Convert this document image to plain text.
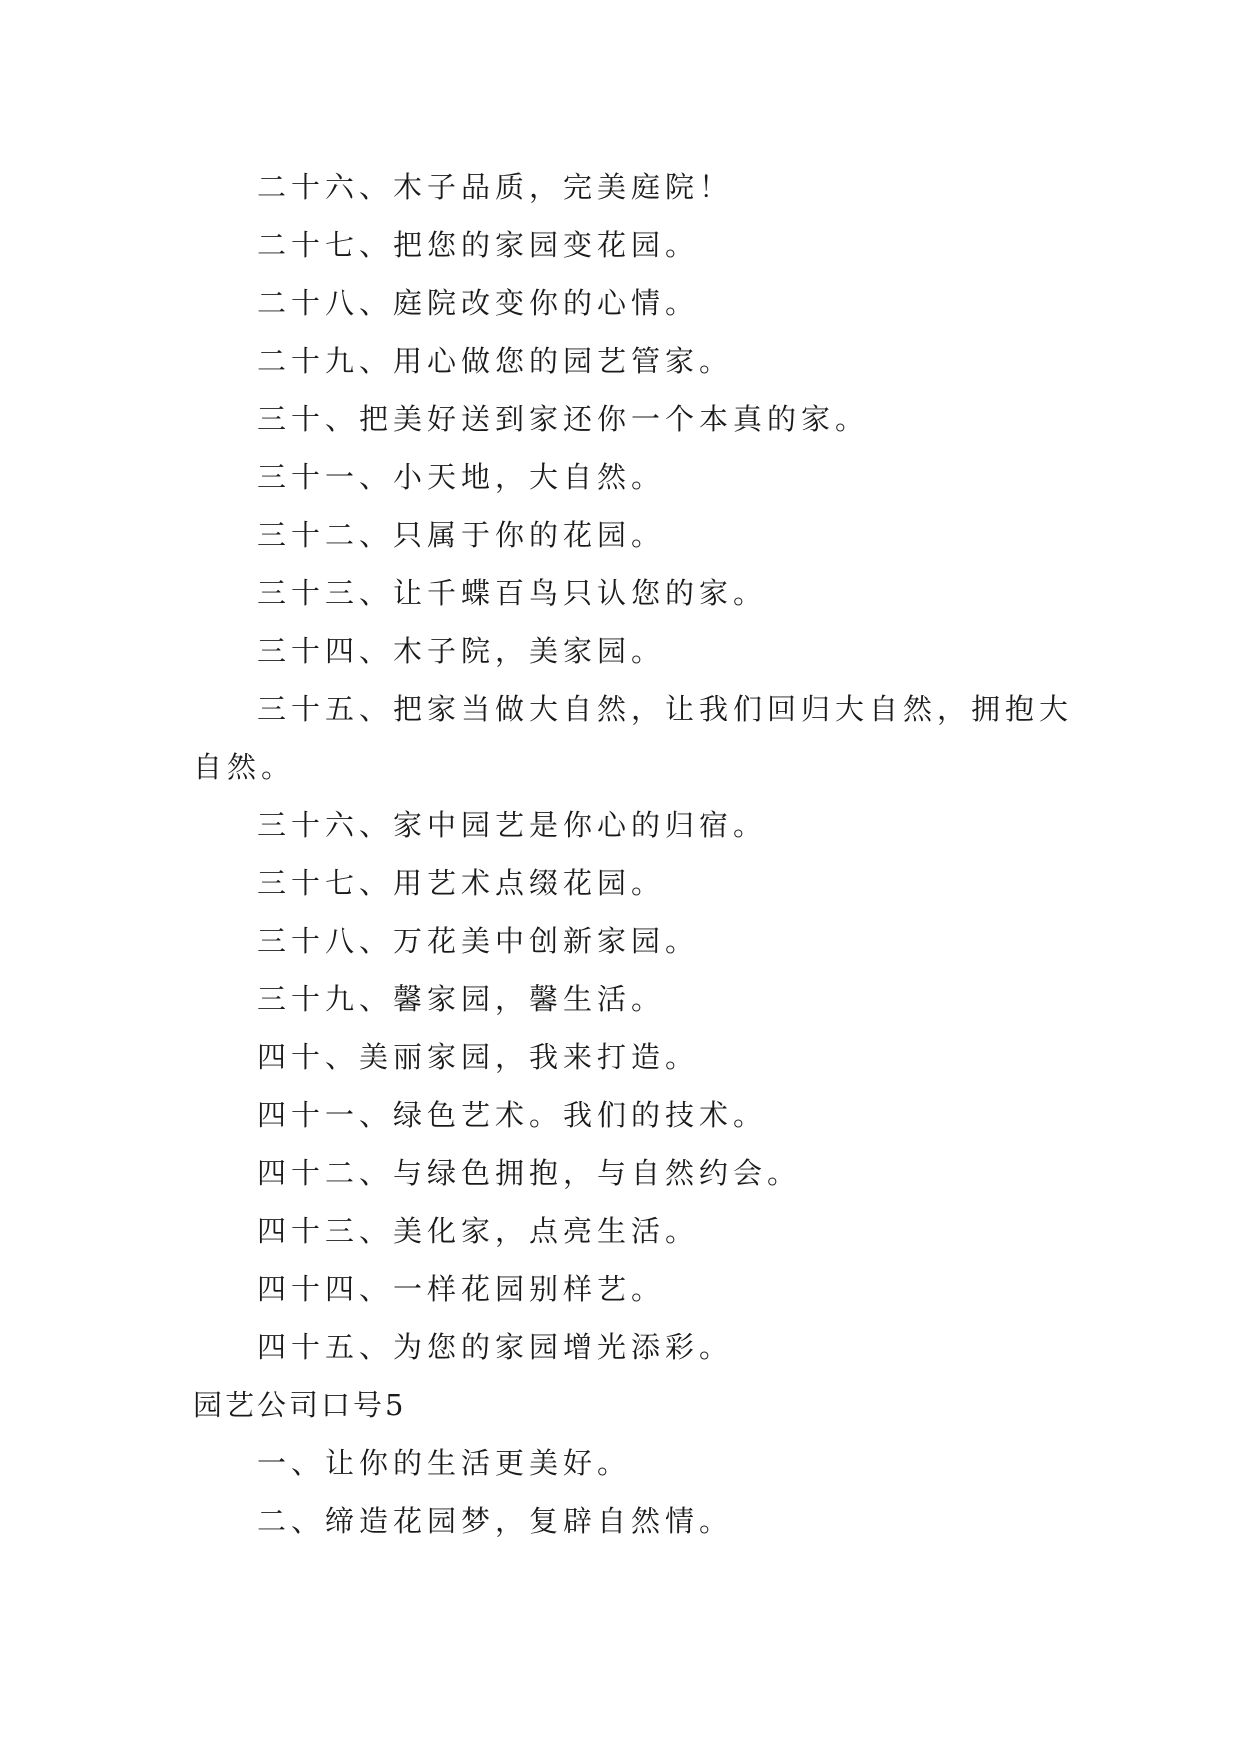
二十六、木子品质，完美庭院！

二十七、把您的家园变花园。

二十八、庭院改变你的心情。

二十九、用心做您的园艺管家。

三十、把美好送到家还你一个本真的家。

三十一、小天地，大自然。

三十二、只属于你的花园。

三十三、让千蝶百鸟只认您的家。

三十四、木子院，美家园。

三十五、把家当做大自然，让我们回归大自然，拥抱大

自然。

三十六、家中园艺是你心的归宿。

三十七、用艺术点缀花园。

三十八、万花美中创新家园。

三十九、馨家园，馨生活。

四十、美丽家园，我来打造。

四十一、绿色艺术。我们的技术。

四十二、与绿色拥抱，与自然约会。

四十三、美化家，点亮生活。

四十四、一样花园别样艺。

四十五、为您的家园增光添彩。

园艺公司口号5

一、让你的生活更美好。

二、缔造花园梦，复辟自然情。
